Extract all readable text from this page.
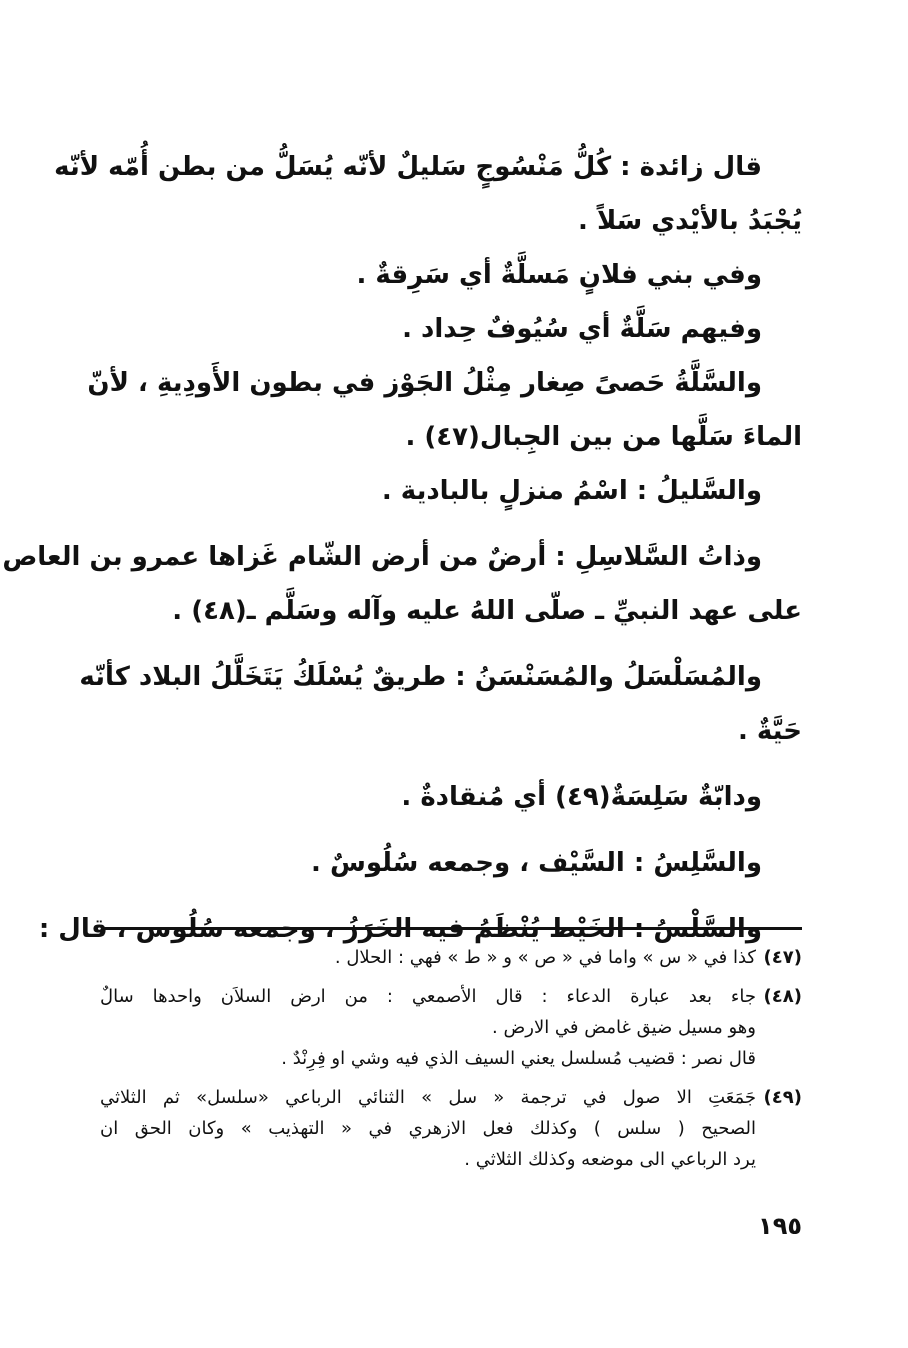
قال زائدة : كُلُّ مَنْسُوجٍ سَليلٌ لأنّه يُسَلُّ من بطن أُمّه لأنّه
يُجْبَدُ بالأيْدي سَلاً .
وفي بني فلانٍ مَسلَّةٌ أي سَرِقةٌ .
وفيهم سَلَّةٌ أي سُيُوفٌ حِداد .
والسَّلَّةُ حَصىً صِغار مِثْلُ الجَوْز في بطون الأَودِيةِ ، لأنّ
الماءَ سَلَّها من بين الجِبال(٤٧) .
والسَّليلُ : اسْمُ منزلٍ بالبادية .
وذاتُ السَّلاسِلِ : أرضٌ من أرض الشّام غَزاها عمرو بن العاص
على عهد النبيِّ ـ صلّى اللهُ عليه وآله وسَلَّم ـ(٤٨) .
والمُسَلْسَلُ والمُسَنْسَنُ : طريقٌ يُسْلَكُ يَتَخَلَّلُ البلاد كأنّه
حَيَّةٌ .
ودابّةٌ سَلِسَةٌ(٤٩) أي مُنقادةٌ .
والسَّلِسُ : السَّيْف ، وجمعه سُلُوسٌ .
والسَّلْسُ : الخَيْط يُنْظَمُ فيه الخَرَزُ ، وجمعه سُلُوس ، قال :
(٤٧)
كذا في « س » واما في « ص » و « ط » فهي : الحلال .
(٤٨)
جاء بعد عبارة الدعاء : قال الأصمعي : من ارض السلاَن واحدها سالٌ
وهو مسيل ضيق غامض في الارض .
قال نصر : قضيب مُسلسل يعني السيف الذي فيه وشي او فِرِنْدٌ .
(٤٩)
جَمَعَتِ الا صول في ترجمة « سل » الثنائي الرباعي «سلسل» ثم الثلاثي
الصحيح ( سلس ) وكذلك فعل الازهري في « التهذيب » وكان الحق ان
يرد الرباعي الى موضعه وكذلك الثلاثي .
١٩٥
